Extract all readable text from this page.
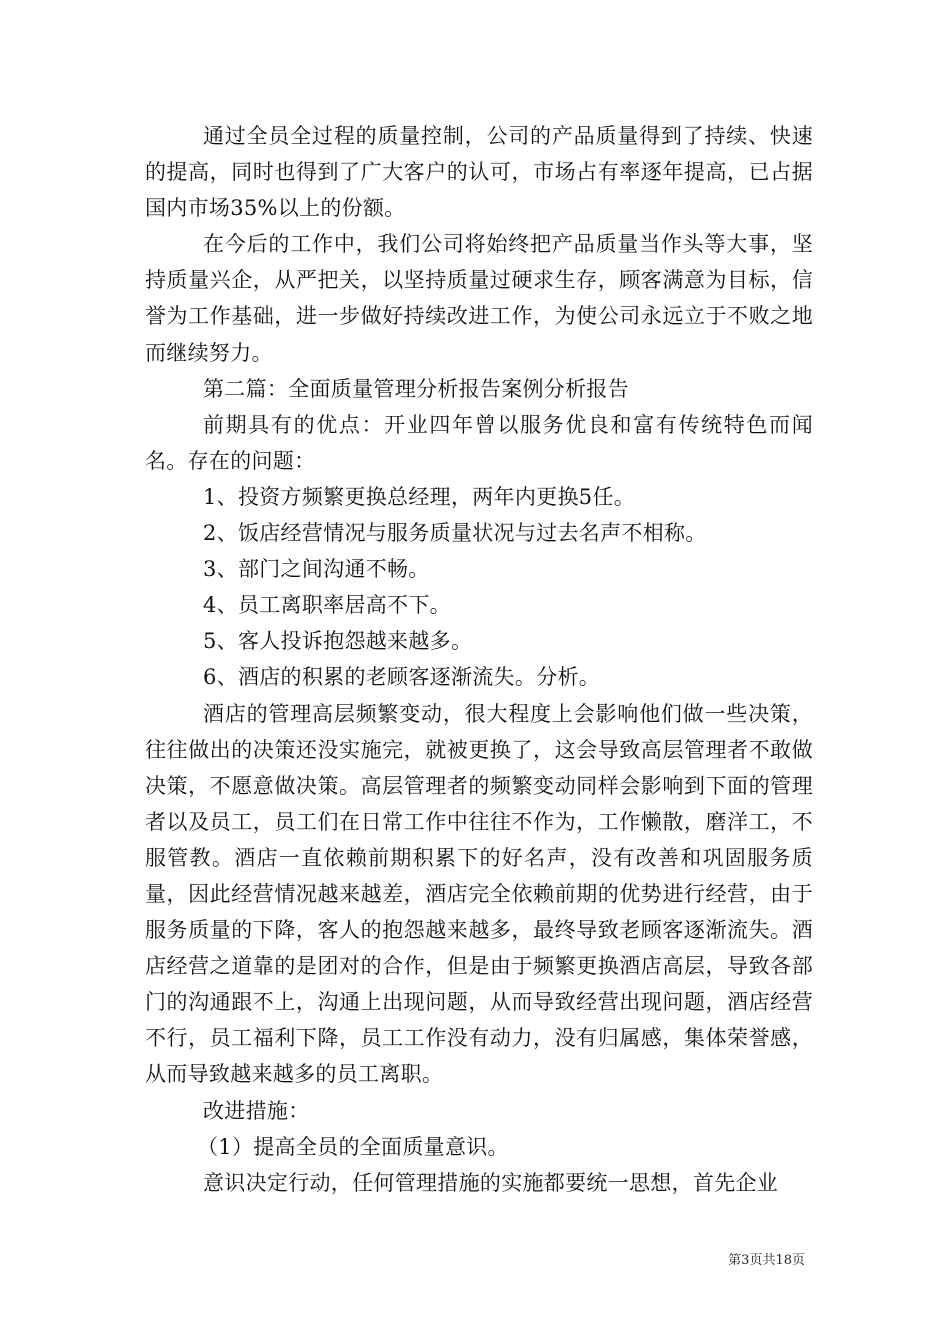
通过全员全过程的质量控制，公司的产品质量得到了持续、快速的提高，同时也得到了广大客户的认可，市场占有率逐年提高，已占据国内市场35%以上的份额。

在今后的工作中，我们公司将始终把产品质量当作头等大事，坚持质量兴企，从严把关，以坚持质量过硬求生存，顾客满意为目标，信誉为工作基础，进一步做好持续改进工作，为使公司永远立于不败之地而继续努力。

第二篇：全面质量管理分析报告案例分析报告

前期具有的优点：开业四年曾以服务优良和富有传统特色而闻名。存在的问题：

1、投资方频繁更换总经理，两年内更换5任。

2、饭店经营情况与服务质量状况与过去名声不相称。

3、部门之间沟通不畅。

4、员工离职率居高不下。

5、客人投诉抱怨越来越多。

6、酒店的积累的老顾客逐渐流失。分析。

酒店的管理高层频繁变动，很大程度上会影响他们做一些决策，往往做出的决策还没实施完，就被更换了，这会导致高层管理者不敢做决策，不愿意做决策。高层管理者的频繁变动同样会影响到下面的管理者以及员工，员工们在日常工作中往往不作为，工作懒散，磨洋工，不服管教。酒店一直依赖前期积累下的好名声，没有改善和巩固服务质量，因此经营情况越来越差，酒店完全依赖前期的优势进行经营，由于服务质量的下降，客人的抱怨越来越多，最终导致老顾客逐渐流失。酒店经营之道靠的是团对的合作，但是由于频繁更换酒店高层，导致各部门的沟通跟不上，沟通上出现问题，从而导致经营出现问题，酒店经营不行，员工福利下降，员工工作没有动力，没有归属感，集体荣誉感，从而导致越来越多的员工离职。

改进措施：

（1）提高全员的全面质量意识。

意识决定行动，任何管理措施的实施都要统一思想，首先企业

第3页共18页
